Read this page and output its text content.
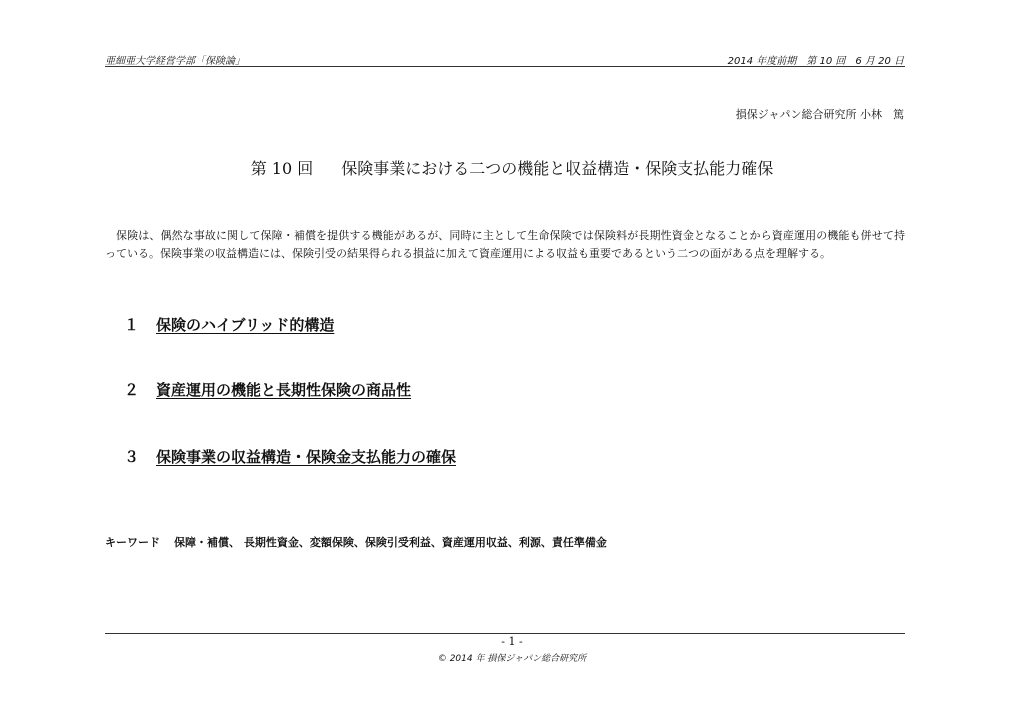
亜細亜大学経営学部「保険論」	2014 年度前期　第 10 回　6 月 20 日
損保ジャパン総合研究所 小林　篤
第 10 回 保険事業における二つの機能と収益構造・保険支払能力確保
保険は、偶然な事故に関して保障・補償を提供する機能があるが、同時に主として生命保険では保険料が長期性資金となることから資産運用の機能も併せて持っている。保険事業の収益構造には、保険引受の結果得られる損益に加えて資産運用による収益も重要であるという二つの面がある点を理解する。
１ 保険のハイブリッド的構造
２ 資産運用の機能と長期性保険の商品性
３ 保険事業の収益構造・保険金支払能力の確保
キーワード 保障・補償、 長期性資金、変額保険、保険引受利益、資産運用収益、利源、責任準備金
- 1 -
© 2014 年 損保ジャパン総合研究所
